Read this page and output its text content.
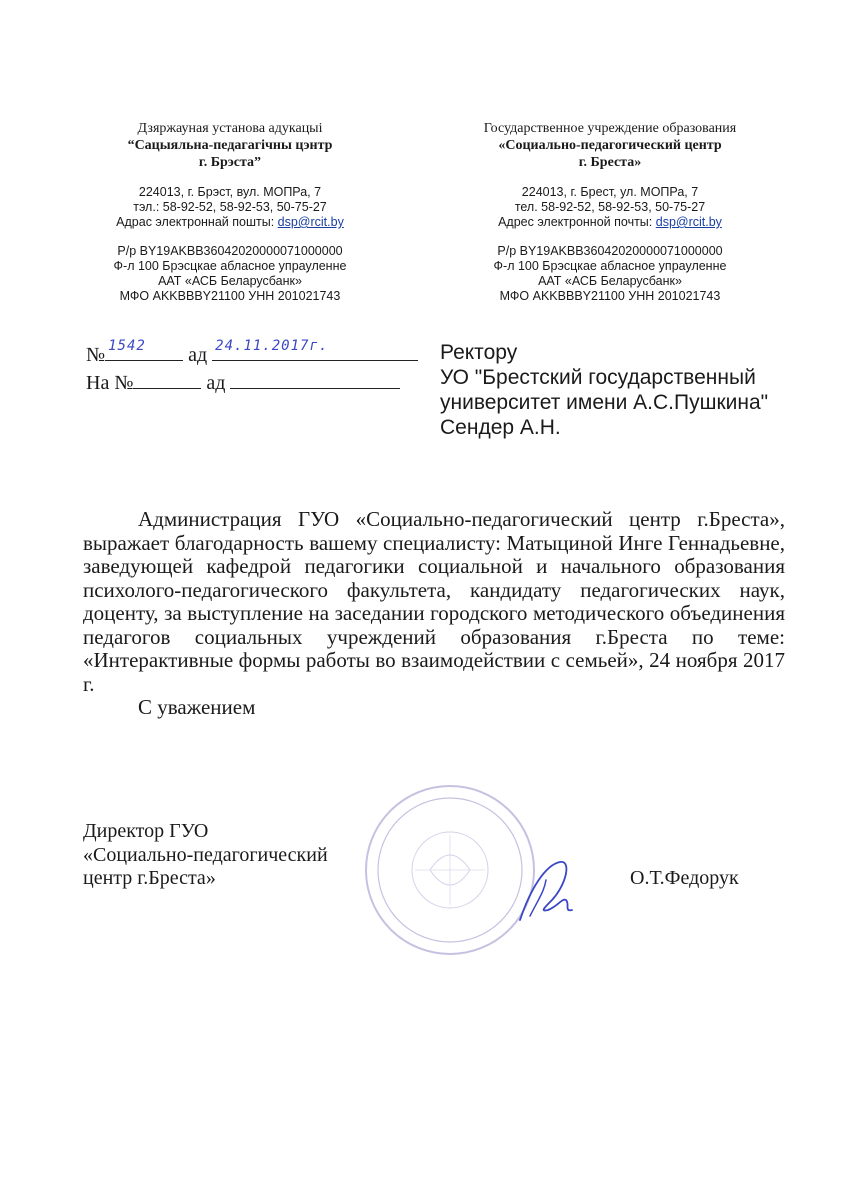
Дзяржауная установа адукацыі
“Сацыяльна-педагагічны цэнтр
г. Брэста”
224013, г. Брэст, вул. МОПРа, 7
тэл.: 58-92-52, 58-92-53, 50-75-27
Адрас электроннай пошты: dsp@rcit.by
Р/р BY19AKBB36042020000071000000
Ф-л 100 Брэсцкае абласное упрауленне
ААТ «АСБ Беларусбанк»
МФО AKKBBBY21100 УНН 201021743
Государственное учреждение образования
«Социально-педагогический центр
г. Бреста»
224013, г. Брест, ул. МОПРа, 7
тел. 58-92-52, 58-92-53, 50-75-27
Адрес электронной почты: dsp@rcit.by
Р/р BY19AKBB36042020000071000000
Ф-л 100 Брэсцкае абласное упрауленне
ААТ «АСБ Беларусбанк»
МФО AKKBBBY21100 УНН 201021743
№ 1542 ад 24.11.2017г.
На №	ад
Ректору
УО "Брестский государственный
университет имени А.С.Пушкина"
Сендер А.Н.

Администрация ГУО «Социально-педагогический центр г.Бреста», выражает благодарность вашему специалисту: Матыциной Инге Геннадьевне, заведующей кафедрой педагогики социальной и начального образования психолого-педагогического факультета, кандидату педагогических наук, доценту, за выступление на заседании городского методического объединения педагогов социальных учреждений образования г.Бреста по теме: «Интерактивные формы работы во взаимодействии с семьей», 24 ноября 2017 г.

С уважением

Директор ГУО
«Социально-педагогический
центр г.Бреста»	О.Т.Федорук
